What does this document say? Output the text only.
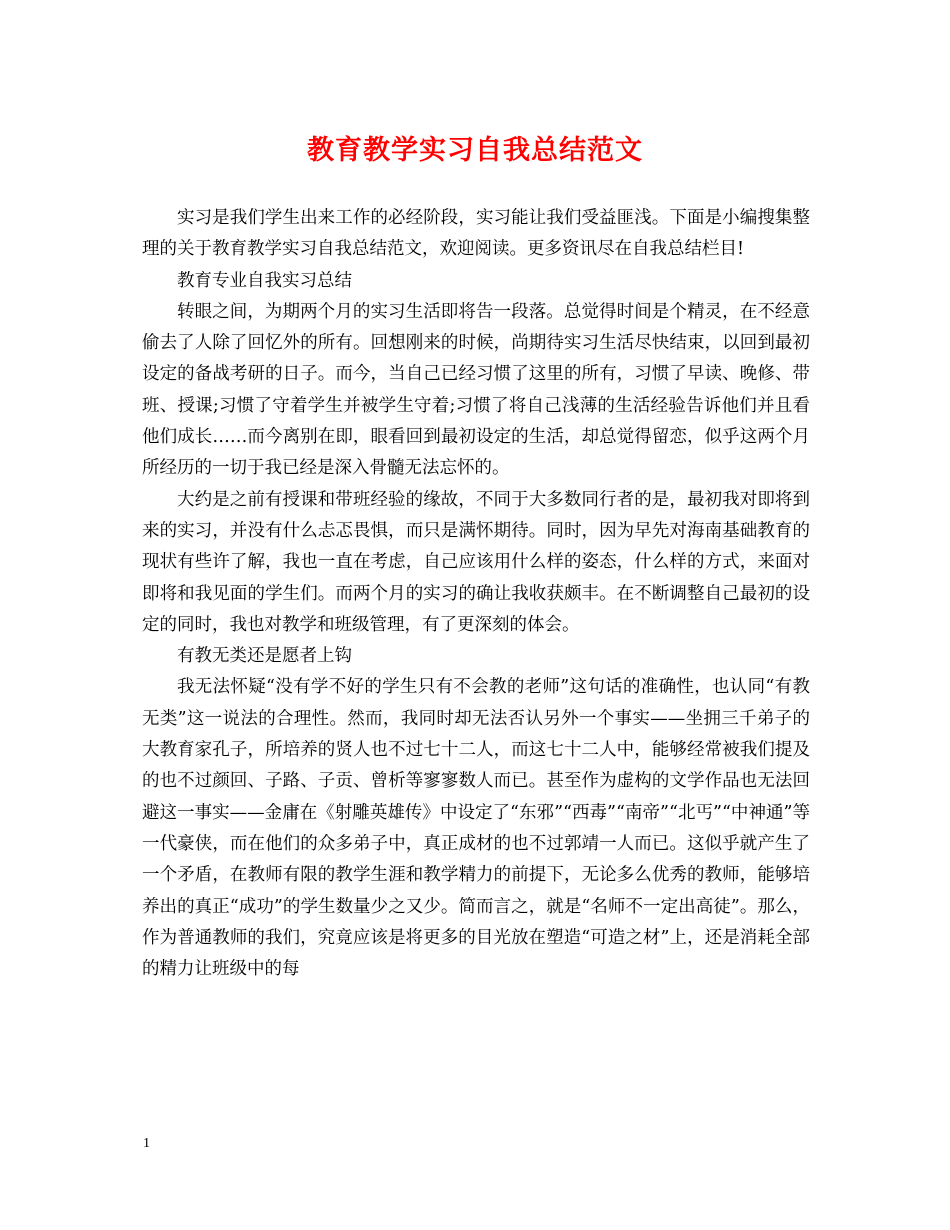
教育教学实习自我总结范文

实习是我们学生出来工作的必经阶段，实习能让我们受益匪浅。下面是小编搜集整理的关于教育教学实习自我总结范文，欢迎阅读。更多资讯尽在自我总结栏目!

教育专业自我实习总结

转眼之间，为期两个月的实习生活即将告一段落。总觉得时间是个精灵，在不经意偷去了人除了回忆外的所有。回想刚来的时候，尚期待实习生活尽快结束，以回到最初设定的备战考研的日子。而今，当自己已经习惯了这里的所有，习惯了早读、晚修、带班、授课;习惯了守着学生并被学生守着;习惯了将自己浅薄的生活经验告诉他们并且看他们成长……而今离别在即，眼看回到最初设定的生活，却总觉得留恋，似乎这两个月所经历的一切于我已经是深入骨髓无法忘怀的。

大约是之前有授课和带班经验的缘故，不同于大多数同行者的是，最初我对即将到来的实习，并没有什么忐忑畏惧，而只是满怀期待。同时，因为早先对海南基础教育的现状有些许了解，我也一直在考虑，自己应该用什么样的姿态，什么样的方式，来面对即将和我见面的学生们。而两个月的实习的确让我收获颇丰。在不断调整自己最初的设定的同时，我也对教学和班级管理，有了更深刻的体会。

有教无类还是愿者上钩

我无法怀疑“没有学不好的学生只有不会教的老师”这句话的准确性，也认同“有教无类”这一说法的合理性。然而，我同时却无法否认另外一个事实——坐拥三千弟子的大教育家孔子，所培养的贤人也不过七十二人，而这七十二人中，能够经常被我们提及的也不过颜回、子路、子贡、曾析等寥寥数人而已。甚至作为虚构的文学作品也无法回避这一事实——金庸在《射雕英雄传》中设定了“东邪”“西毒”“南帝”“北丐”“中神通”等一代豪侠，而在他们的众多弟子中，真正成材的也不过郭靖一人而已。这似乎就产生了一个矛盾，在教师有限的教学生涯和教学精力的前提下，无论多么优秀的教师，能够培养出的真正“成功”的学生数量少之又少。简而言之，就是“名师不一定出高徒”。那么，作为普通教师的我们，究竟应该是将更多的目光放在塑造“可造之材”上，还是消耗全部的精力让班级中的每

1
